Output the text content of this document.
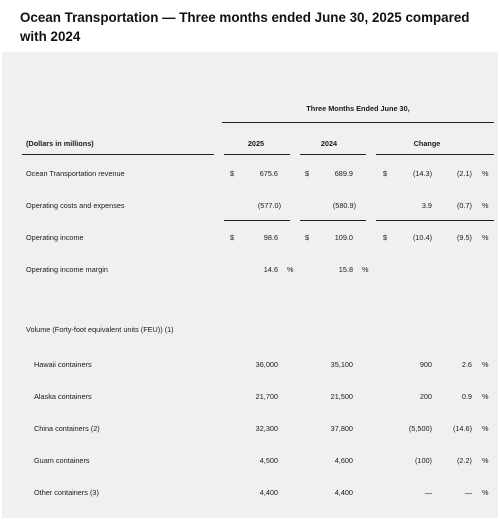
Ocean Transportation — Three months ended June 30, 2025 compared with 2024
Three Months Ended June 30,
(Dollars in millions)	2025	2024	Change
Ocean Transportation revenue	$	675.6	$	689.9	$	(14.3)	(2.1) %
Operating costs and expenses	(577.0)	(580.9)	3.9	(0.7) %
Operating income	$	98.6	$	109.0	$	(10.4)	(9.5) %
Operating income margin	14.6 %	15.8 %
Volume (Forty-foot equivalent units (FEU)) (1)
Hawaii containers	36,000	35,100	900	2.6 %
Alaska containers	21,700	21,500	200	0.9 %
China containers (2)	32,300	37,800	(5,500)	(14.6) %
Guam containers	4,500	4,600	(100)	(2.2) %
Other containers (3)	4,400	4,400	—	— %
